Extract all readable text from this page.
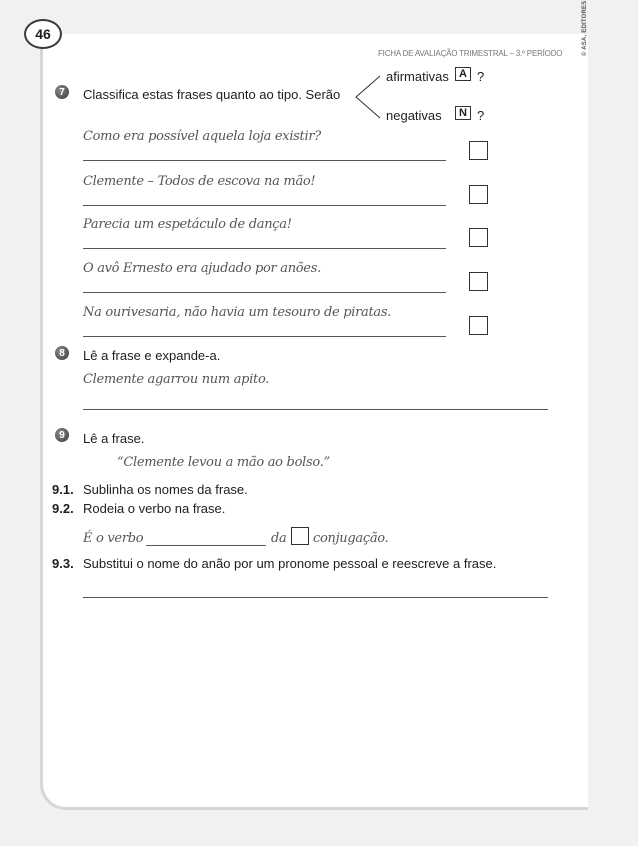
46
FICHA DE AVALIAÇÃO TRIMESTRAL – 3.º PERÍODO	© ASA, EDITORES
7	Classifica estas frases quanto ao tipo. Serão
afirmativas A ?
negativas	N ?
Como era possível aquela loja existir?
Clemente – Todos de escova na mão!
Parecia um espetáculo de dança!
O avô Ernesto era ajudado por anões.
Na ourivesaria, não havia um tesouro de piratas.
8	Lê a frase e expande-a.
Clemente agarrou num apito.
9	Lê a frase.
“Clemente levou a mão ao bolso.”
9.1. Sublinha os nomes da frase.
9.2. Rodeia o verbo na frase.
É o verbo	da conjugação.
9.3. Substitui o nome do anão por um pronome pessoal e reescreve a frase.
